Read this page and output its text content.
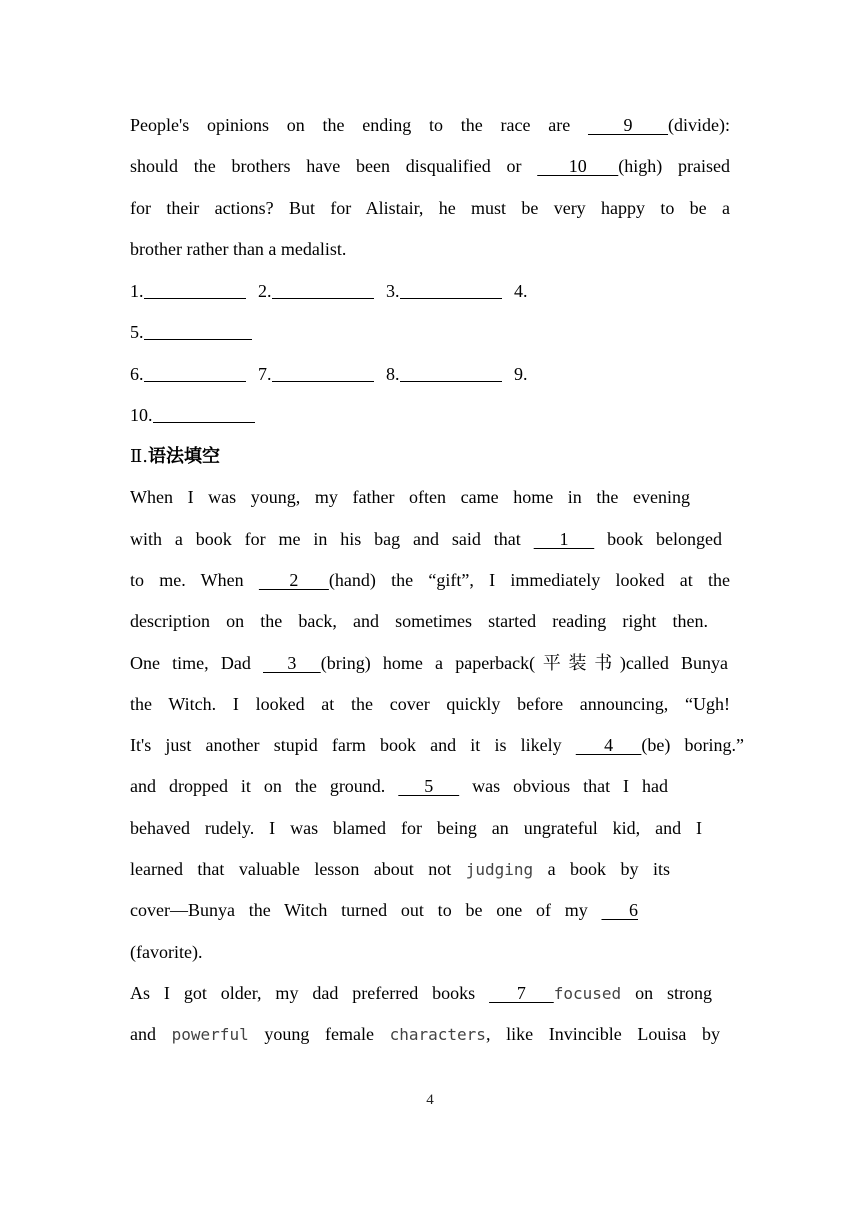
People's opinions on the ending to the race are   9  (divide):
should the brothers have been disqualified or   10  (high) praised
for their actions? But for Alistair, he must be very happy to be a
brother rather than a medalist.
1.	2.	3.	4.
5.
6.	7.	8.	9.
10.
Ⅱ.语法填空
When I was young, my father often came home in the evening
with a book for me in his bag and said that   1   book belonged
to me. When   2  (hand) the “gift”, I immediately looked at the
description on the back, and sometimes started reading right then.
One time, Dad   3  (bring) home a paperback(平装书)called Bunya
the Witch. I looked at the cover quickly before announcing, “Ugh!
It's just another stupid farm book and it is likely   4  (be) boring.”
and dropped it on the ground.   5   was obvious that I had
behaved rudely. I was blamed for being an ungrateful kid, and I
learned that valuable lesson about not judging a book by its
cover—Bunya the Witch turned out to be one of my   6
(favorite).
As I got older, my dad preferred books   7  focused on strong
and powerful young female characters, like Invincible Louisa by
4
